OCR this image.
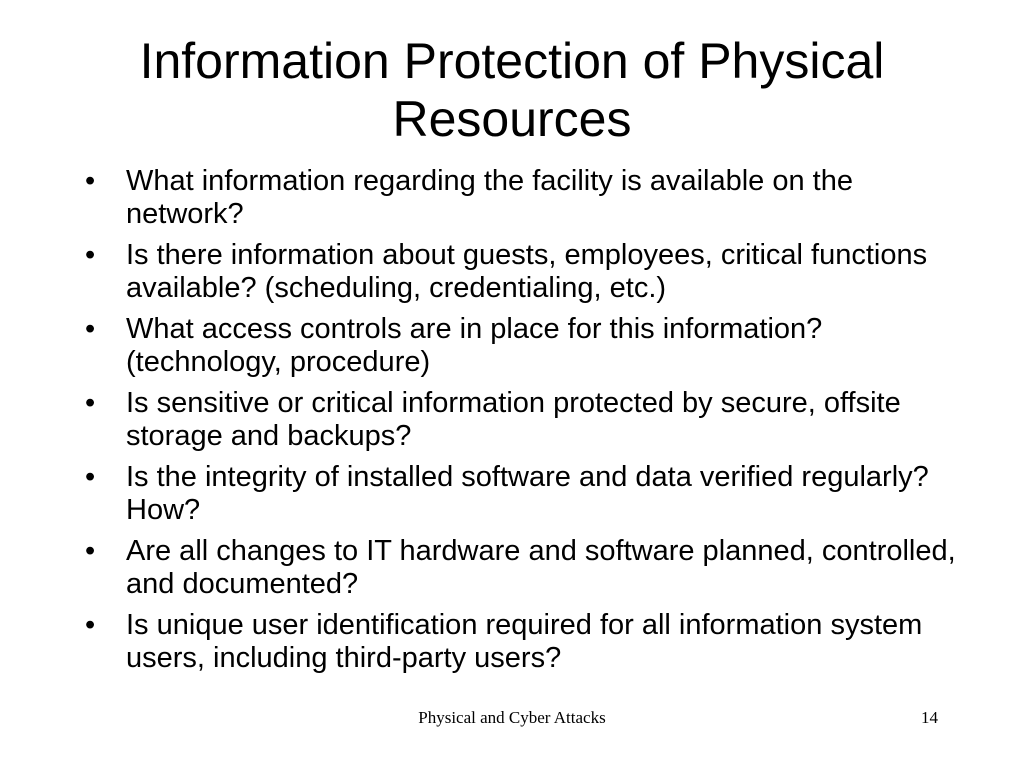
Information Protection of Physical Resources
• What information regarding the facility is available on the network?
• Is there information about guests, employees, critical functions available? (scheduling, credentialing, etc.)
• What access controls are in place for this information? (technology, procedure)
• Is sensitive or critical information protected by secure, offsite storage and backups?
• Is the integrity of installed software and data verified regularly? How?
• Are all changes to IT hardware and software planned, controlled, and documented?
• Is unique user identification required for all information system users, including third-party users?
Physical and Cyber Attacks	14
